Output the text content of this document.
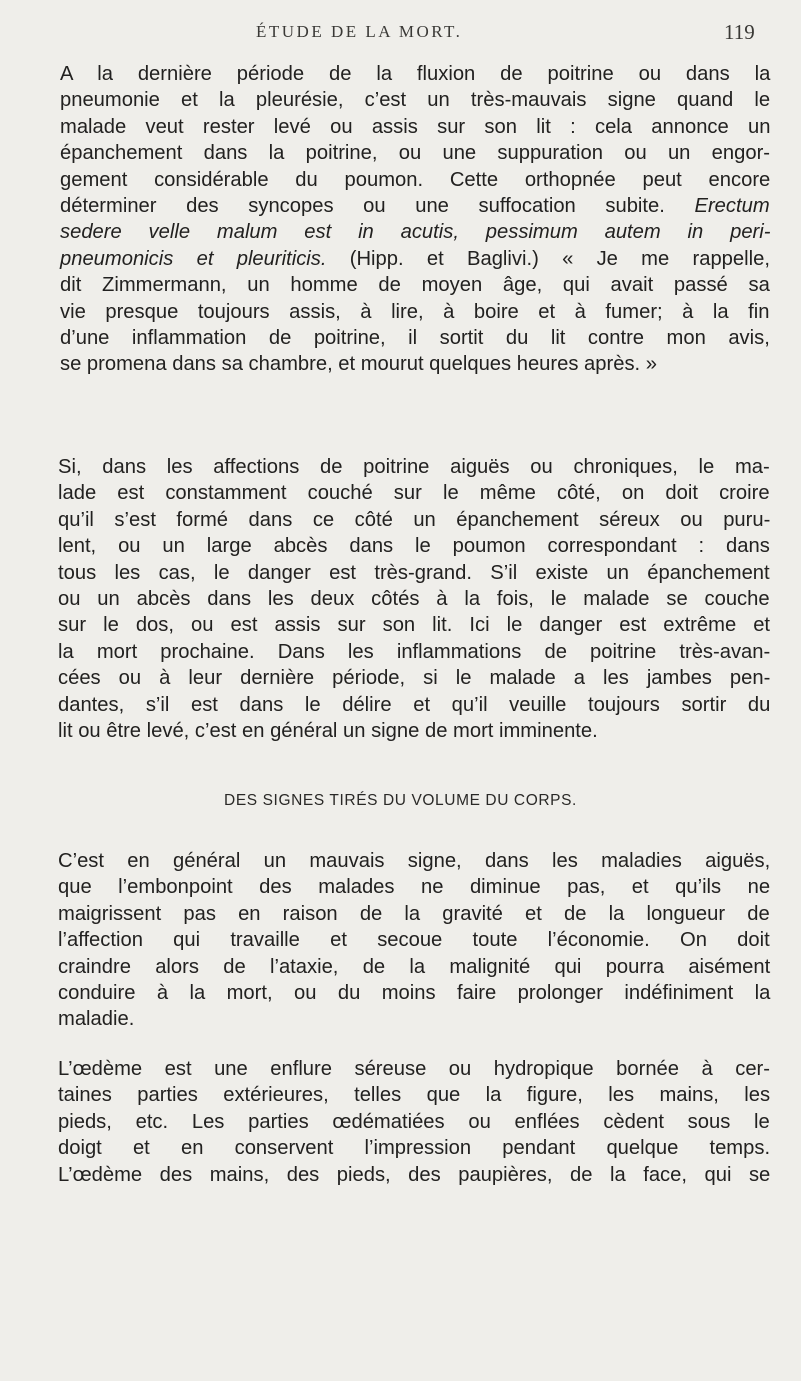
ÉTUDE DE LA MORT.	119
A la dernière période de la fluxion de poitrine ou dans la
pneumonie et la pleurésie, c’est un très-mauvais signe quand le
malade veut rester levé ou assis sur son lit : cela annonce un
épanchement dans la poitrine, ou une suppuration ou un engor-
gement considérable du poumon. Cette orthopnée peut encore
déterminer des syncopes ou une suffocation subite. Erectum
sedere velle malum est in acutis, pessimum autem in peri-
pneumonicis et pleuriticis. (Hipp. et Baglivi.) « Je me rappelle,
dit Zimmermann, un homme de moyen âge, qui avait passé sa
vie presque toujours assis, à lire, à boire et à fumer; à la fin
d’une inflammation de poitrine, il sortit du lit contre mon avis,
se promena dans sa chambre, et mourut quelques heures après. »
Si, dans les affections de poitrine aiguës ou chroniques, le ma-
lade est constamment couché sur le même côté, on doit croire
qu’il s’est formé dans ce côté un épanchement séreux ou puru-
lent, ou un large abcès dans le poumon correspondant : dans
tous les cas, le danger est très-grand. S’il existe un épanchement
ou un abcès dans les deux côtés à la fois, le malade se couche
sur le dos, ou est assis sur son lit. Ici le danger est extrême et
la mort prochaine. Dans les inflammations de poitrine très-avan-
cées ou à leur dernière période, si le malade a les jambes pen-
dantes, s’il est dans le délire et qu’il veuille toujours sortir du
lit ou être levé, c’est en général un signe de mort imminente.
DES SIGNES TIRÉS DU VOLUME DU CORPS.
C’est en général un mauvais signe, dans les maladies aiguës,
que l’embonpoint des malades ne diminue pas, et qu’ils ne
maigrissent pas en raison de la gravité et de la longueur de
l’affection qui travaille et secoue toute l’économie. On doit
craindre alors de l’ataxie, de la malignité qui pourra aisément
conduire à la mort, ou du moins faire prolonger indéfiniment la
maladie.
L’œdème est une enflure séreuse ou hydropique bornée à cer-
taines parties extérieures, telles que la figure, les mains, les
pieds, etc. Les parties œdématiées ou enflées cèdent sous le
doigt et en conservent l’impression pendant quelque temps.
L’œdème des mains, des pieds, des paupières, de la face, qui se
